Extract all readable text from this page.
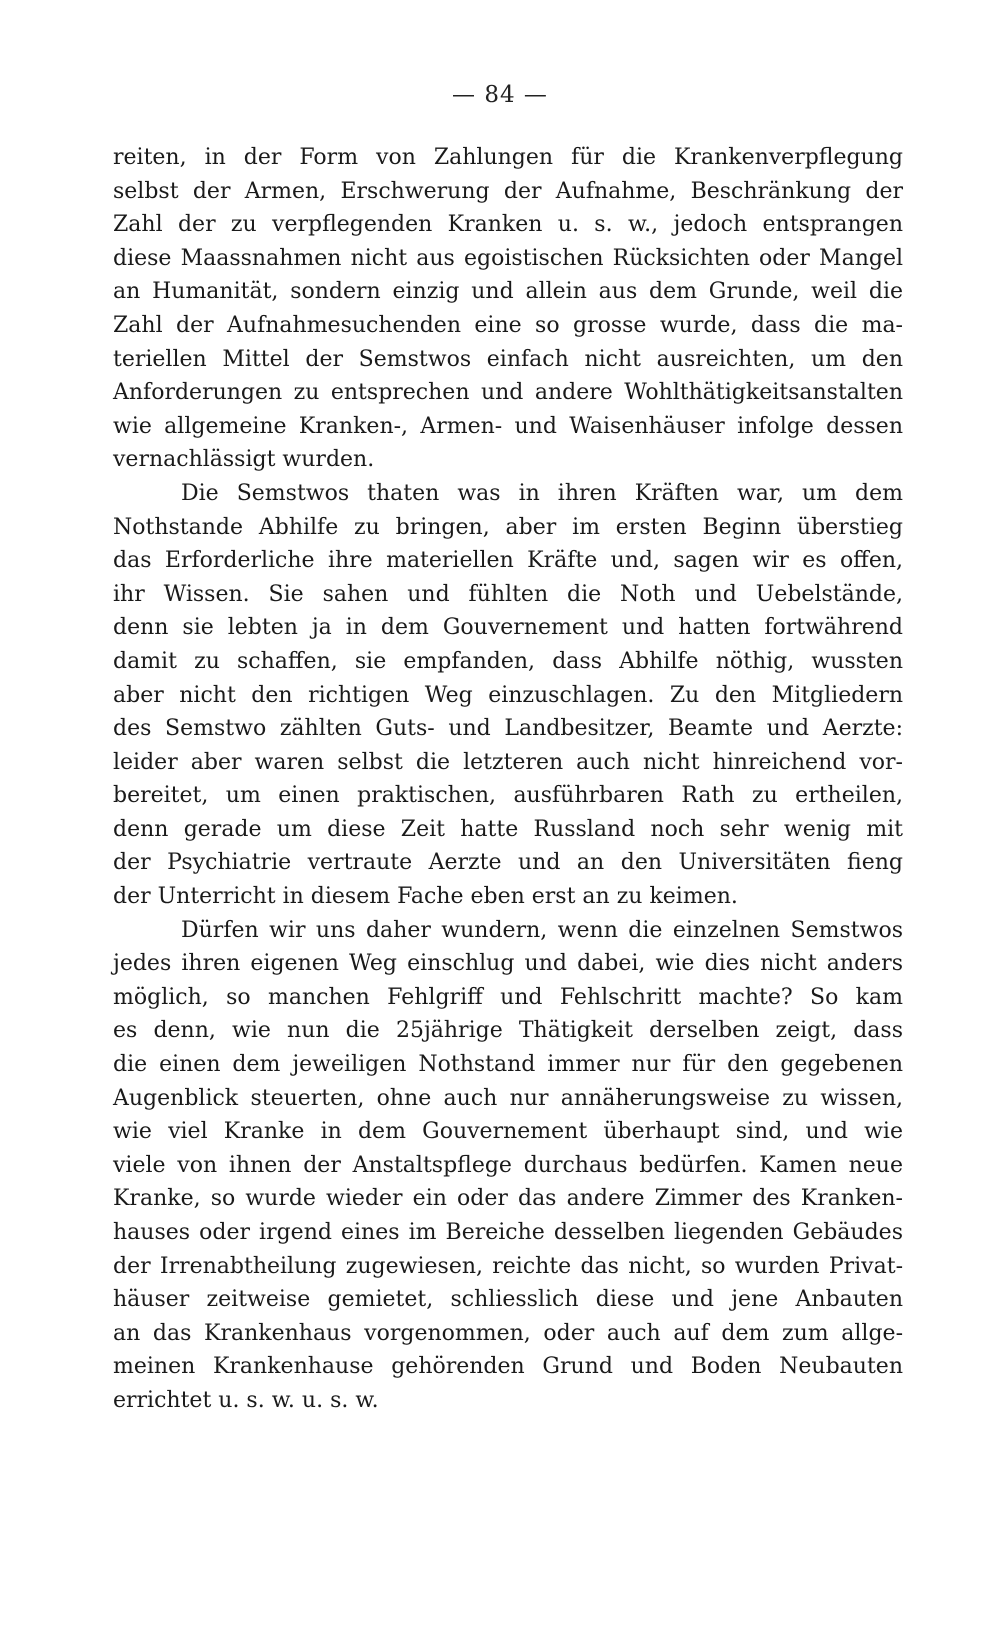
— 84 —
reiten, in der Form von Zahlungen für die Krankenverpflegung
selbst der Armen, Erschwerung der Aufnahme, Beschränkung der
Zahl der zu verpflegenden Kranken u. s. w., jedoch entsprangen
diese Maassnahmen nicht aus egoistischen Rücksichten oder Mangel
an Humanität, sondern einzig und allein aus dem Grunde, weil die
Zahl der Aufnahmesuchenden eine so grosse wurde, dass die ma-
teriellen Mittel der Semstwos einfach nicht ausreichten, um den
Anforderungen zu entsprechen und andere Wohlthätigkeitsanstalten
wie allgemeine Kranken-, Armen- und Waisenhäuser infolge dessen
vernachlässigt wurden.
Die Semstwos thaten was in ihren Kräften war, um dem
Nothstande Abhilfe zu bringen, aber im ersten Beginn überstieg
das Erforderliche ihre materiellen Kräfte und, sagen wir es offen,
ihr Wissen. Sie sahen und fühlten die Noth und Uebelstände,
denn sie lebten ja in dem Gouvernement und hatten fortwährend
damit zu schaffen, sie empfanden, dass Abhilfe nöthig, wussten
aber nicht den richtigen Weg einzuschlagen. Zu den Mitgliedern
des Semstwo zählten Guts- und Landbesitzer, Beamte und Aerzte:
leider aber waren selbst die letzteren auch nicht hinreichend vor-
bereitet, um einen praktischen, ausführbaren Rath zu ertheilen,
denn gerade um diese Zeit hatte Russland noch sehr wenig mit
der Psychiatrie vertraute Aerzte und an den Universitäten fieng
der Unterricht in diesem Fache eben erst an zu keimen.
Dürfen wir uns daher wundern, wenn die einzelnen Semstwos
jedes ihren eigenen Weg einschlug und dabei, wie dies nicht anders
möglich, so manchen Fehlgriff und Fehlschritt machte? So kam
es denn, wie nun die 25jährige Thätigkeit derselben zeigt, dass
die einen dem jeweiligen Nothstand immer nur für den gegebenen
Augenblick steuerten, ohne auch nur annäherungsweise zu wissen,
wie viel Kranke in dem Gouvernement überhaupt sind, und wie
viele von ihnen der Anstaltspflege durchaus bedürfen. Kamen neue
Kranke, so wurde wieder ein oder das andere Zimmer des Kranken-
hauses oder irgend eines im Bereiche desselben liegenden Gebäudes
der Irrenabtheilung zugewiesen, reichte das nicht, so wurden Privat-
häuser zeitweise gemietet, schliesslich diese und jene Anbauten
an das Krankenhaus vorgenommen, oder auch auf dem zum allge-
meinen Krankenhause gehörenden Grund und Boden Neubauten
errichtet u. s. w. u. s. w.
